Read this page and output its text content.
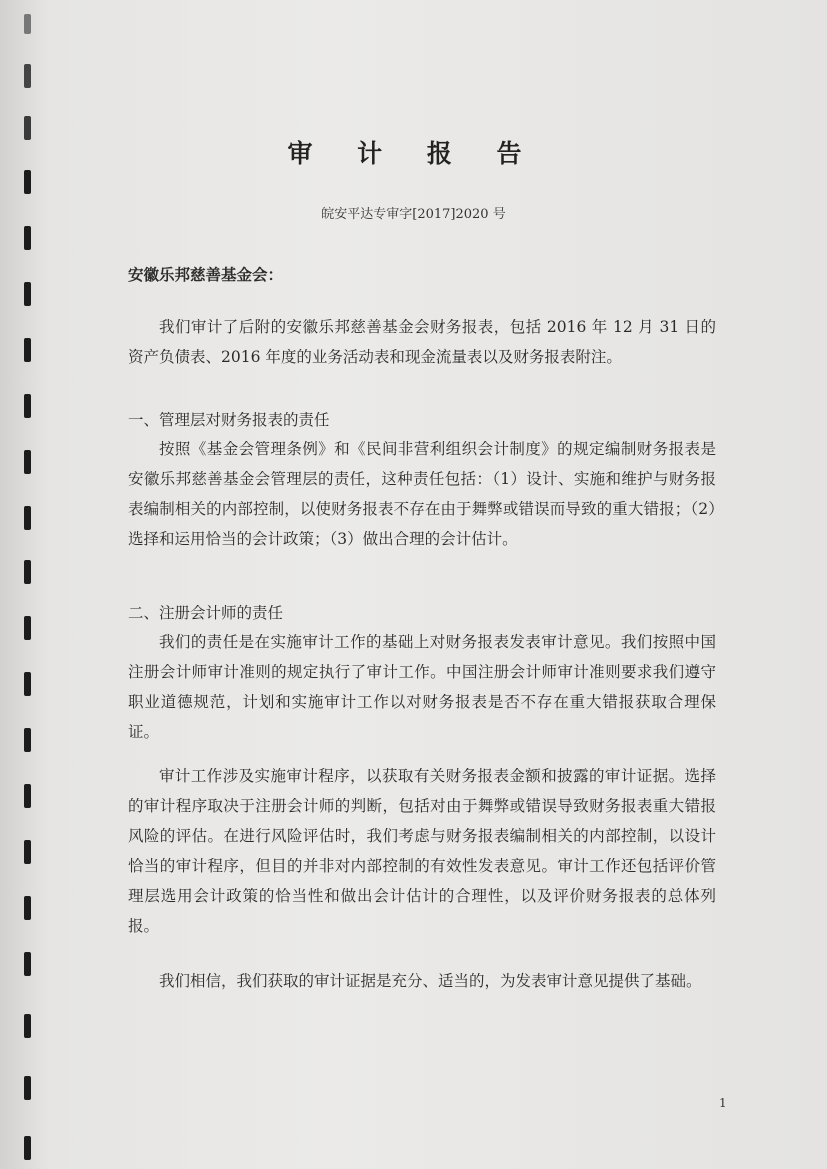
审 计 报 告
皖安平达专审字[2017]2020 号
安徽乐邦慈善基金会：

我们审计了后附的安徽乐邦慈善基金会财务报表，包括 2016 年 12 月 31 日的资产负债表、2016 年度的业务活动表和现金流量表以及财务报表附注。

一、管理层对财务报表的责任

按照《基金会管理条例》和《民间非营利组织会计制度》的规定编制财务报表是安徽乐邦慈善基金会管理层的责任，这种责任包括：（1）设计、实施和维护与财务报表编制相关的内部控制，以使财务报表不存在由于舞弊或错误而导致的重大错报；（2）选择和运用恰当的会计政策；（3）做出合理的会计估计。

二、注册会计师的责任

我们的责任是在实施审计工作的基础上对财务报表发表审计意见。我们按照中国注册会计师审计准则的规定执行了审计工作。中国注册会计师审计准则要求我们遵守职业道德规范，计划和实施审计工作以对财务报表是否不存在重大错报获取合理保证。

审计工作涉及实施审计程序，以获取有关财务报表金额和披露的审计证据。选择的审计程序取决于注册会计师的判断，包括对由于舞弊或错误导致财务报表重大错报风险的评估。在进行风险评估时，我们考虑与财务报表编制相关的内部控制，以设计恰当的审计程序，但目的并非对内部控制的有效性发表意见。审计工作还包括评价管理层选用会计政策的恰当性和做出会计估计的合理性，以及评价财务报表的总体列报。

我们相信，我们获取的审计证据是充分、适当的，为发表审计意见提供了基础。

1
